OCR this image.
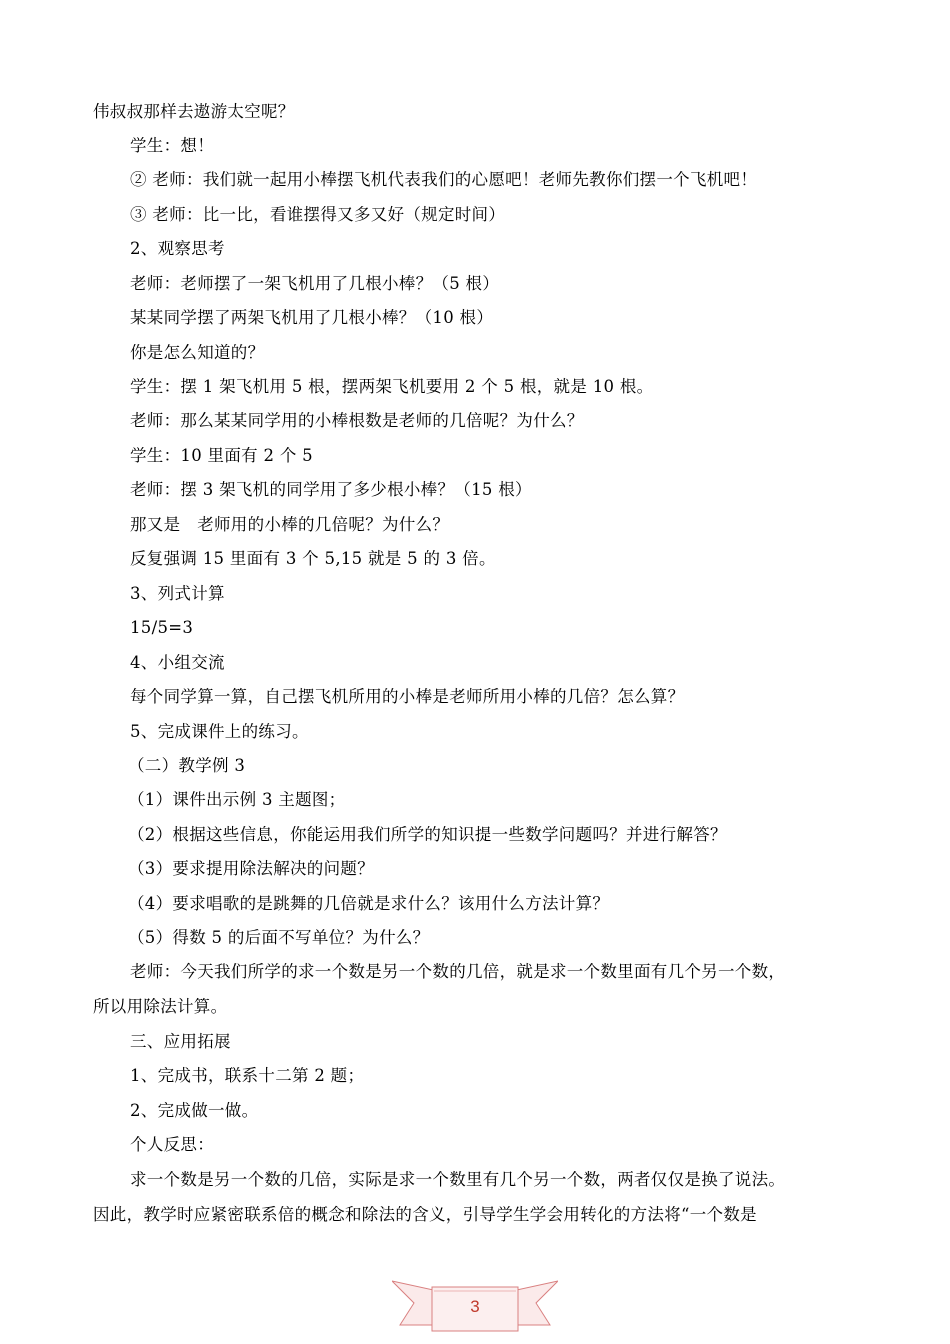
伟叔叔那样去遨游太空呢？
学生：想！
② 老师：我们就一起用小棒摆飞机代表我们的心愿吧！老师先教你们摆一个飞机吧！
③ 老师：比一比，看谁摆得又多又好（规定时间）
2、观察思考
老师：老师摆了一架飞机用了几根小棒？（5 根）
某某同学摆了两架飞机用了几根小棒？（10 根）
你是怎么知道的？
学生：摆 1 架飞机用 5 根，摆两架飞机要用 2 个 5 根，就是 10 根。
老师：那么某某同学用的小棒根数是老师的几倍呢？为什么？
学生：10 里面有 2 个 5
老师：摆 3 架飞机的同学用了多少根小棒？（15 根）
那又是　老师用的小棒的几倍呢？为什么？
反复强调 15 里面有 3 个 5,15 就是 5 的 3 倍。
3、列式计算
15/5=3
4、小组交流
每个同学算一算，自己摆飞机所用的小棒是老师所用小棒的几倍？怎么算？
5、完成课件上的练习。
（二）教学例 3
（1）课件出示例 3 主题图；
（2）根据这些信息，你能运用我们所学的知识提一些数学问题吗？并进行解答？
（3）要求提用除法解决的问题？
（4）要求唱歌的是跳舞的几倍就是求什么？该用什么方法计算？
（5）得数 5 的后面不写单位？为什么？
老师：今天我们所学的求一个数是另一个数的几倍，就是求一个数里面有几个另一个数，
所以用除法计算。
三、应用拓展
1、完成书，联系十二第 2 题；
2、完成做一做。
个人反思：
求一个数是另一个数的几倍，实际是求一个数里有几个另一个数，两者仅仅是换了说法。
因此，教学时应紧密联系倍的概念和除法的含义，引导学生学会用转化的方法将“一个数是
3
